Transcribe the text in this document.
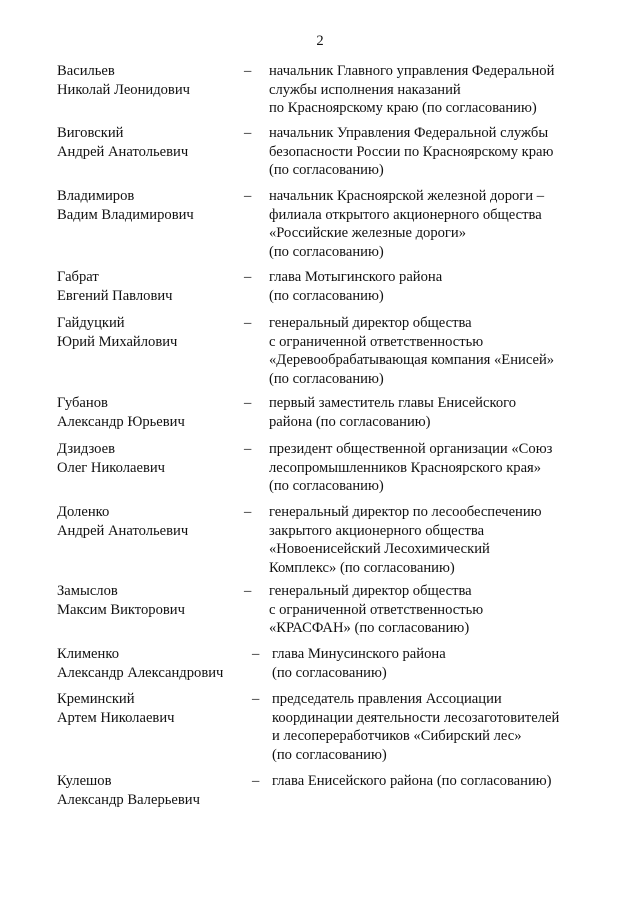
2
Васильев
Николай Леонидович
– начальник Главного управления Федеральной
службы исполнения наказаний
по Красноярскому краю (по согласованию)
Виговский
Андрей Анатольевич
– начальник Управления Федеральной службы
безопасности России по Красноярскому краю
(по согласованию)
Владимиров
Вадим Владимирович
– начальник Красноярской железной дороги –
филиала открытого акционерного общества
«Российские железные дороги»
(по согласованию)
Габрат
Евгений Павлович
– глава Мотыгинского района
(по согласованию)
Гайдуцкий
Юрий Михайлович
– генеральный директор общества
с ограниченной ответственностью
«Деревообрабатывающая компания «Енисей»
(по согласованию)
Губанов
Александр Юрьевич
– первый заместитель главы Енисейского
района (по согласованию)
Дзидзоев
Олег Николаевич
– президент общественной организации «Союз
лесопромышленников Красноярского края»
(по согласованию)
Доленко
Андрей Анатольевич
– генеральный директор по лесообеспечению
закрытого акционерного общества
«Новоенисейский Лесохимический
Комплекс» (по согласованию)
Замыслов
Максим Викторович
– генеральный директор общества
с ограниченной ответственностью
«КРАСФАН» (по согласованию)
Клименко
Александр Александрович
– глава Минусинского района
(по согласованию)
Креминский
Артем Николаевич
– председатель правления Ассоциации
координации деятельности лесозаготовителей
и лесопереработчиков «Сибирский лес»
(по согласованию)
Кулешов
Александр Валерьевич
– глава Енисейского района (по согласованию)
